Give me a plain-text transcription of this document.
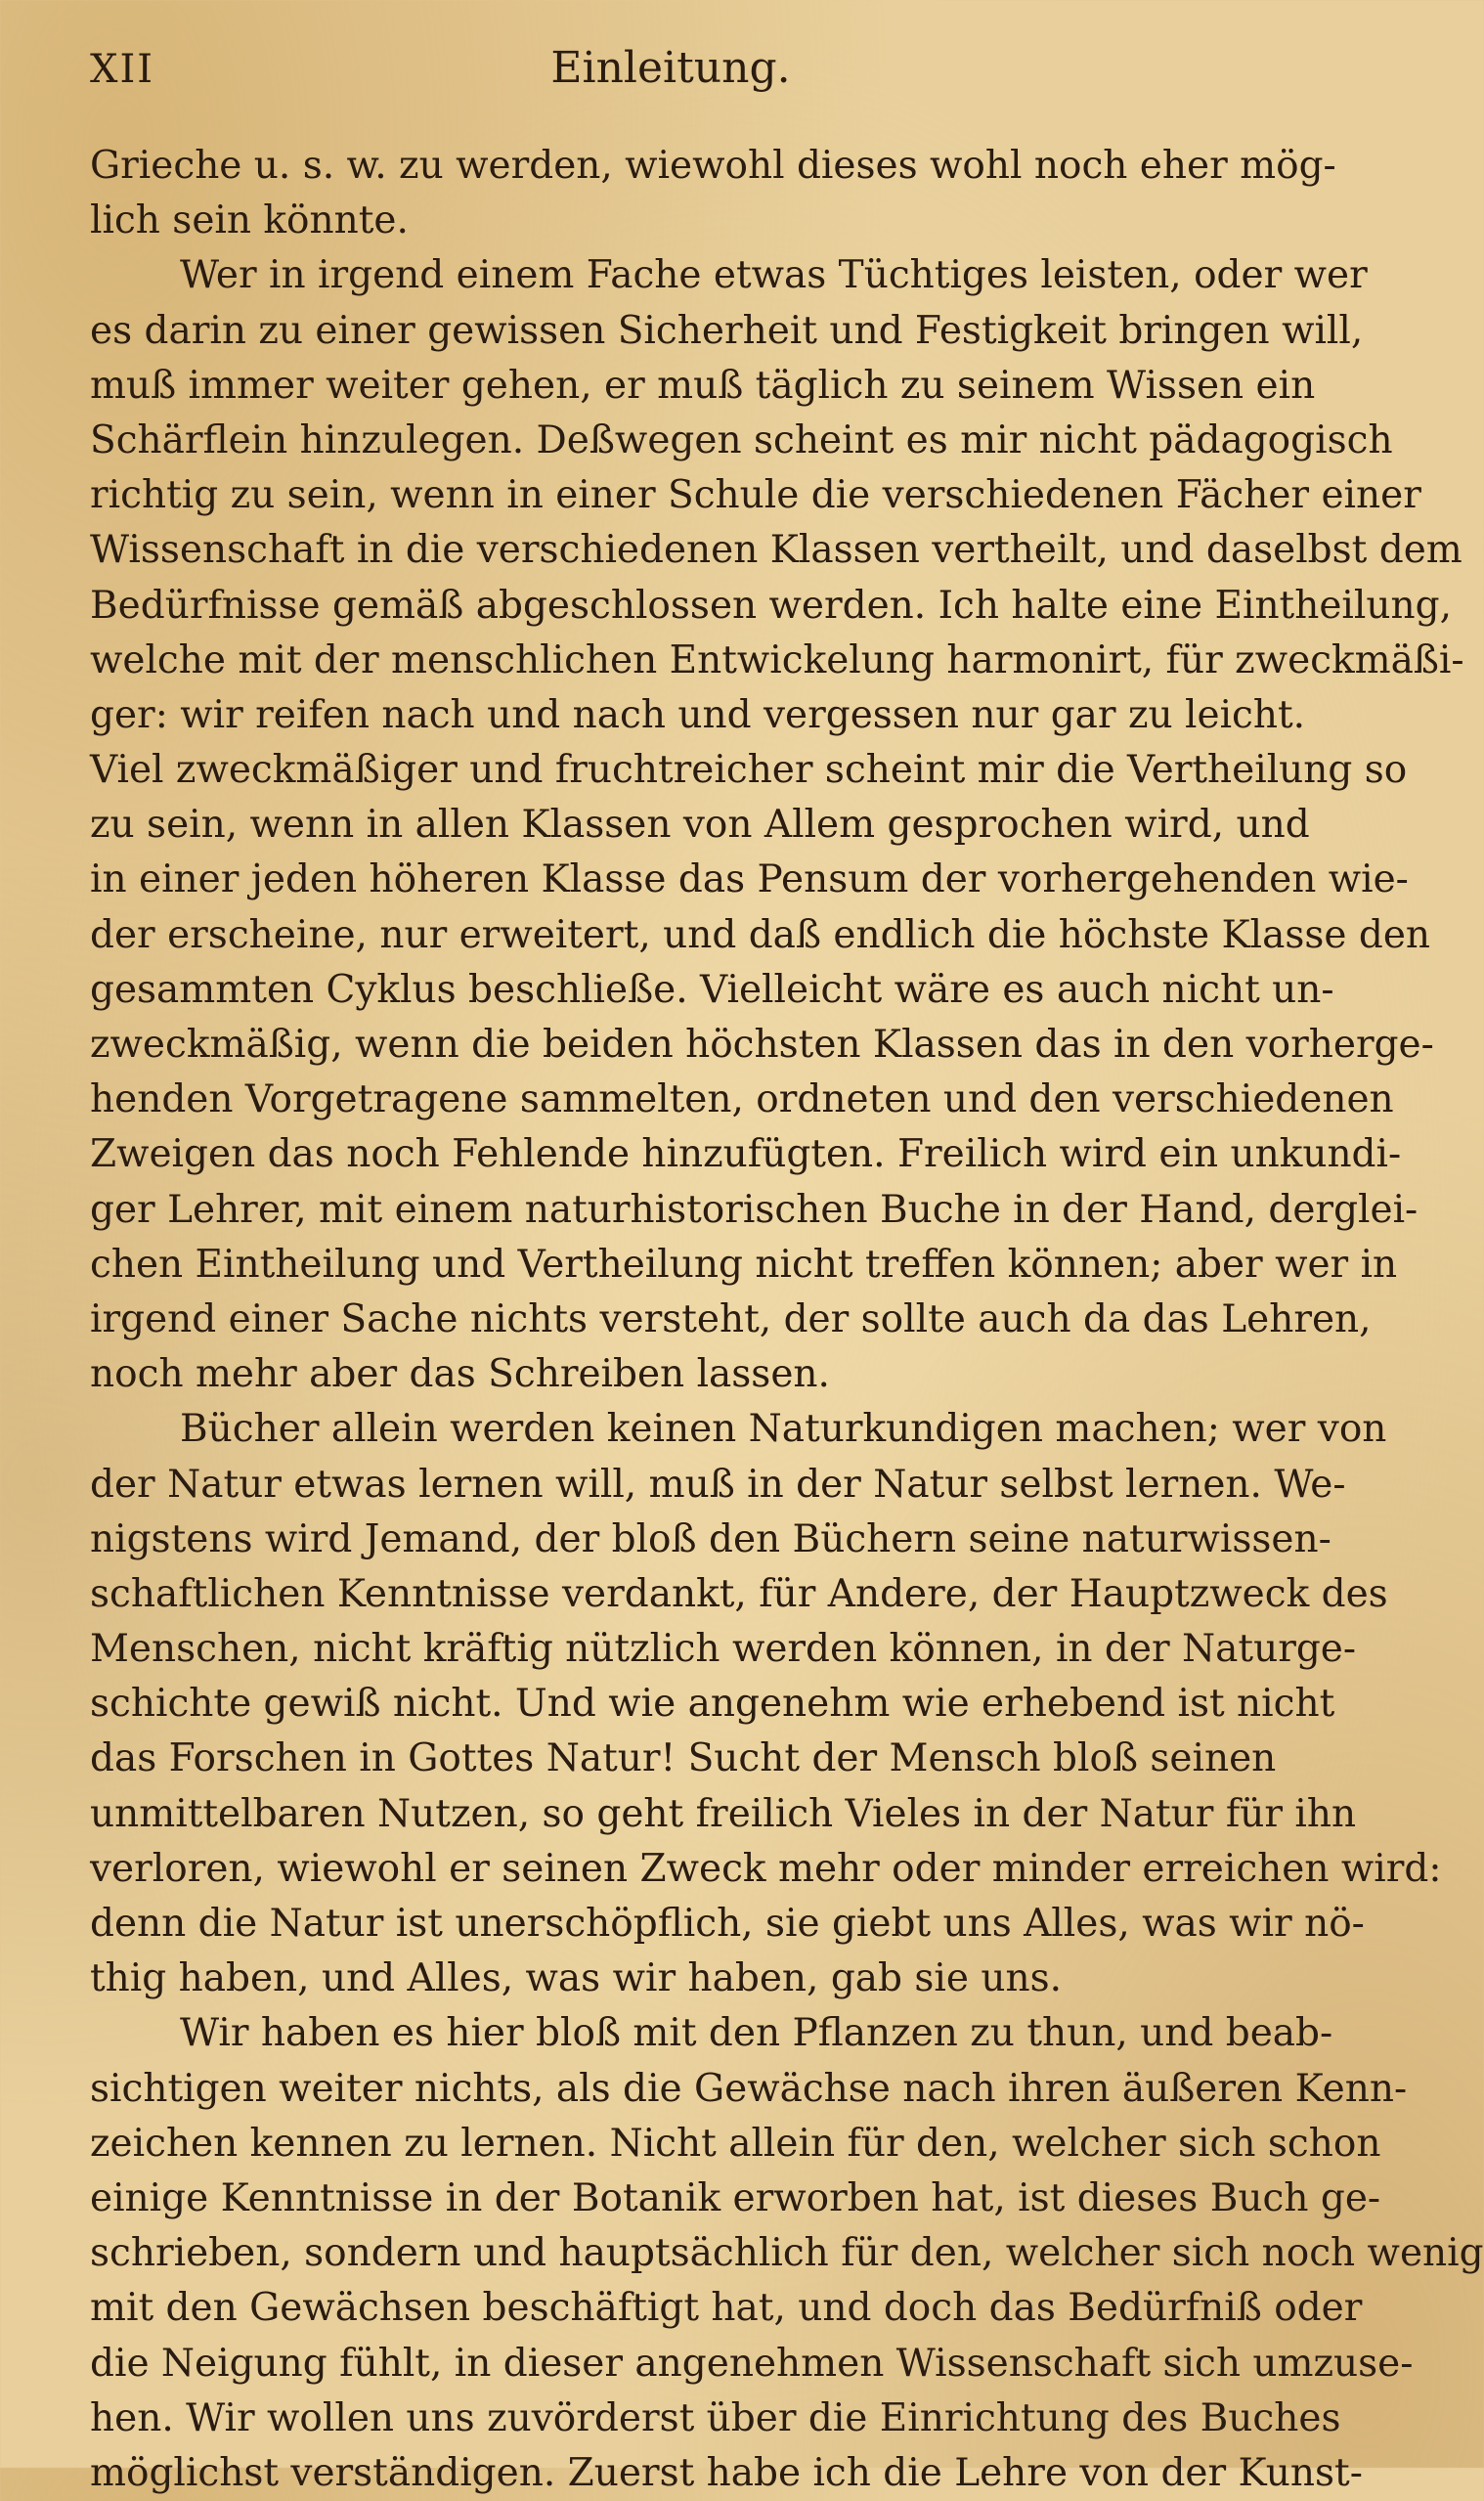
XII	Einleitung.
Grieche u. s. w. zu werden, wiewohl dieses wohl noch eher mög-
lich sein könnte.
Wer in irgend einem Fache etwas Tüchtiges leisten, oder wer
es darin zu einer gewissen Sicherheit und Festigkeit bringen will,
muß immer weiter gehen, er muß täglich zu seinem Wissen ein
Schärflein hinzulegen. Deßwegen scheint es mir nicht pädagogisch
richtig zu sein, wenn in einer Schule die verschiedenen Fächer einer
Wissenschaft in die verschiedenen Klassen vertheilt, und daselbst dem
Bedürfnisse gemäß abgeschlossen werden. Ich halte eine Eintheilung,
welche mit der menschlichen Entwickelung harmonirt, für zweckmäßi-
ger: wir reifen nach und nach und vergessen nur gar zu leicht.
Viel zweckmäßiger und fruchtreicher scheint mir die Vertheilung so
zu sein, wenn in allen Klassen von Allem gesprochen wird, und
in einer jeden höheren Klasse das Pensum der vorhergehenden wie-
der erscheine, nur erweitert, und daß endlich die höchste Klasse den
gesammten Cyklus beschließe. Vielleicht wäre es auch nicht un-
zweckmäßig, wenn die beiden höchsten Klassen das in den vorherge-
henden Vorgetragene sammelten, ordneten und den verschiedenen
Zweigen das noch Fehlende hinzufügten. Freilich wird ein unkundi-
ger Lehrer, mit einem naturhistorischen Buche in der Hand, derglei-
chen Eintheilung und Vertheilung nicht treffen können; aber wer in
irgend einer Sache nichts versteht, der sollte auch da das Lehren,
noch mehr aber das Schreiben lassen.
Bücher allein werden keinen Naturkundigen machen; wer von
der Natur etwas lernen will, muß in der Natur selbst lernen. We-
nigstens wird Jemand, der bloß den Büchern seine naturwissen-
schaftlichen Kenntnisse verdankt, für Andere, der Hauptzweck des
Menschen, nicht kräftig nützlich werden können, in der Naturge-
schichte gewiß nicht. Und wie angenehm wie erhebend ist nicht
das Forschen in Gottes Natur! Sucht der Mensch bloß seinen
unmittelbaren Nutzen, so geht freilich Vieles in der Natur für ihn
verloren, wiewohl er seinen Zweck mehr oder minder erreichen wird:
denn die Natur ist unerschöpflich, sie giebt uns Alles, was wir nö-
thig haben, und Alles, was wir haben, gab sie uns.
Wir haben es hier bloß mit den Pflanzen zu thun, und beab-
sichtigen weiter nichts, als die Gewächse nach ihren äußeren Kenn-
zeichen kennen zu lernen. Nicht allein für den, welcher sich schon
einige Kenntnisse in der Botanik erworben hat, ist dieses Buch ge-
schrieben, sondern und hauptsächlich für den, welcher sich noch wenig
mit den Gewächsen beschäftigt hat, und doch das Bedürfniß oder
die Neigung fühlt, in dieser angenehmen Wissenschaft sich umzuse-
hen. Wir wollen uns zuvörderst über die Einrichtung des Buches
möglichst verständigen. Zuerst habe ich die Lehre von der Kunst-
